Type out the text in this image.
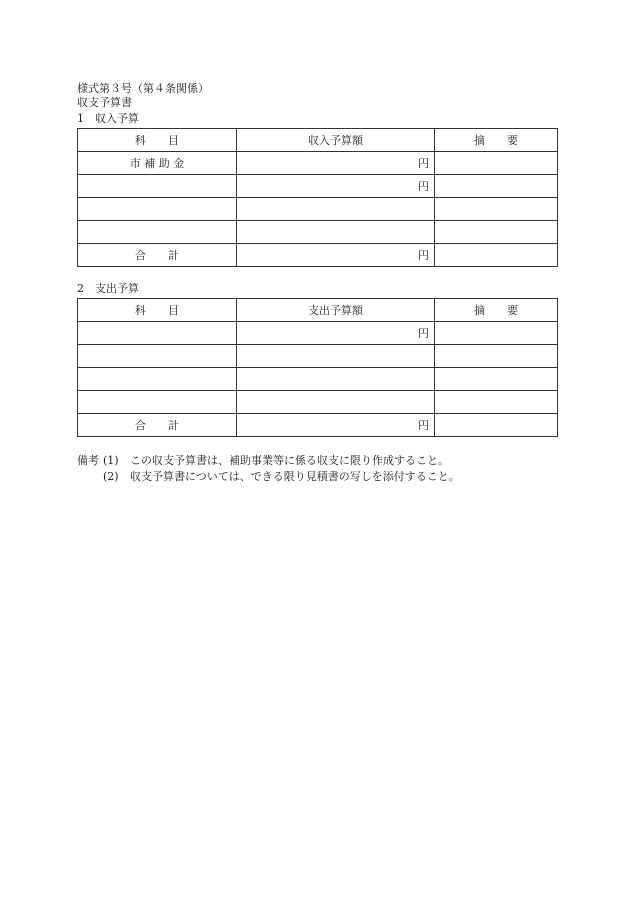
様式第３号（第４条関係）
収支予算書
1　収入予算
科　　目	収入予算額	摘　　要
市 補 助 金	円	
	円	

合　　計	円	
2　支出予算
科　　目	支出予算額	摘　　要
	円	

合　　計	円	
備考 (1)	この収支予算書は、補助事業等に係る収支に限り作成すること。
(2)	収支予算書については、できる限り見積書の写しを添付すること。
